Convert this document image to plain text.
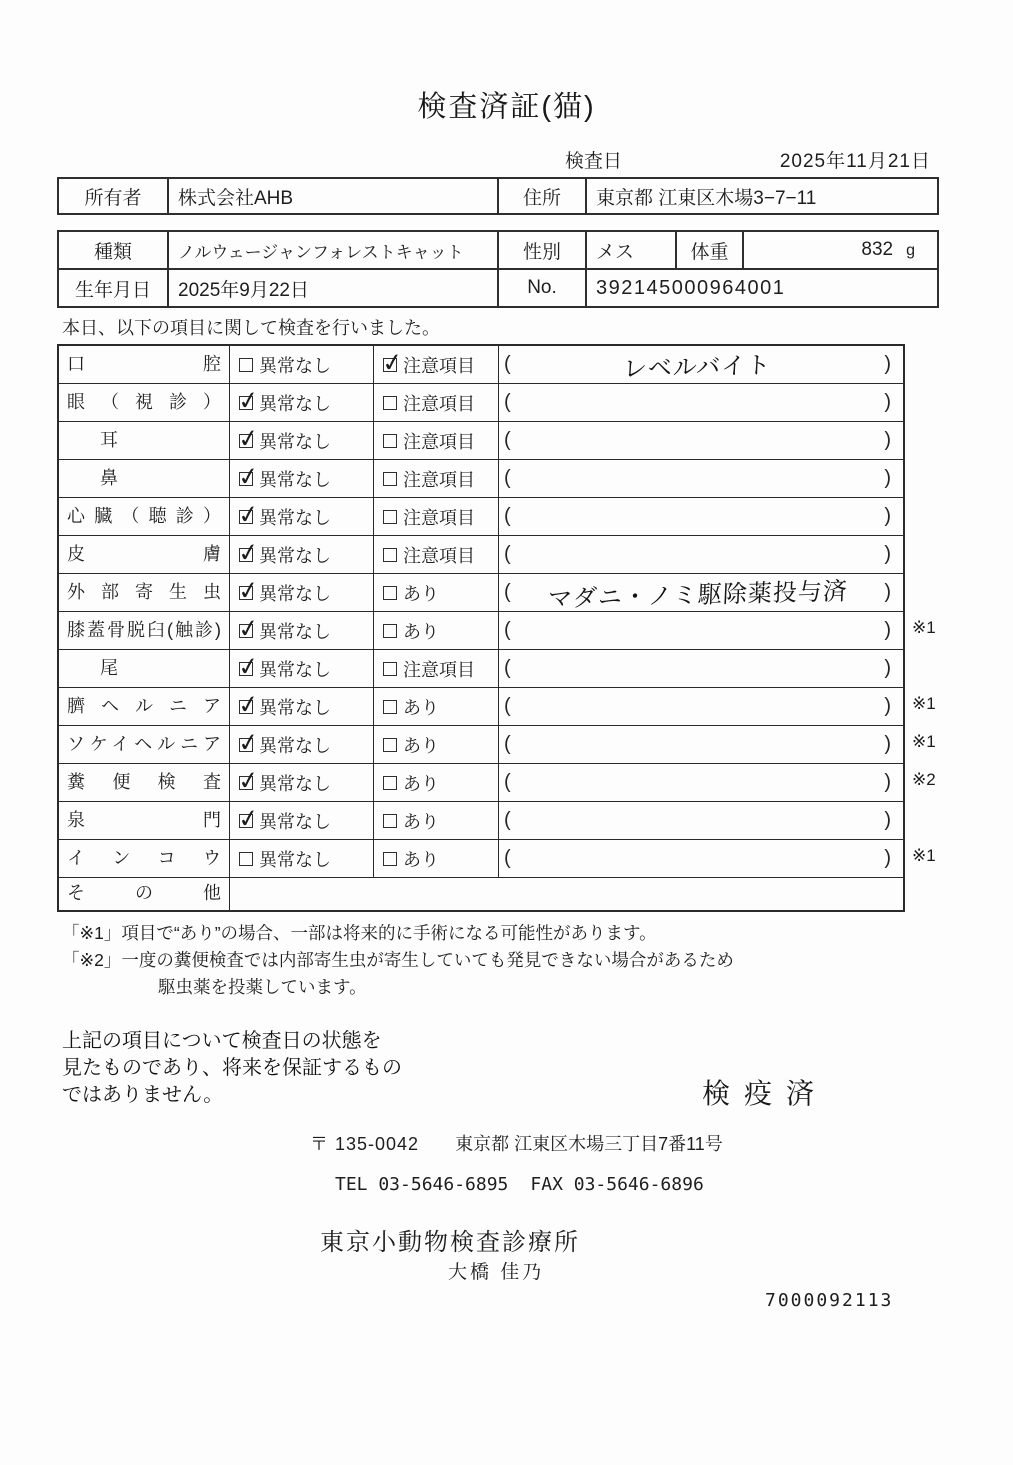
検査済証(猫)
検査日	2025年11月21日
所有者	株式会社AHB	住所	東京都 江東区木場3−7−11
種類	ノルウェージャンフォレストキャット	性別	メス	体重	832 g
生年月日	2025年9月22日	No.	392145000964001		
本日、以下の項目に関して検査を行いました。
口腔	異常なし ✓	注意項目 (	レベルバイト	)
眼（視診） ✓	異常なし	注意項目 (	)
耳 ✓	異常なし	注意項目 (	)
鼻 ✓	異常なし	注意項目 (	)
心臓（聴診） ✓	異常なし	注意項目 (	)
皮膚 ✓	異常なし	注意項目 (	)
外部寄生虫 ✓	異常なし	あり	(	マダニ・ノミ駆除薬投与済	)
膝蓋骨脱臼(触診) ✓	異常なし	あり	(	) ※1
尾 ✓	異常なし	注意項目 (	)
臍ヘルニア ✓	異常なし	あり	(	) ※1
ソケイヘルニア ✓	異常なし	あり	(	) ※1
糞便検査 ✓	異常なし	あり	(	) ※2
泉門 ✓	異常なし	あり	(	)
インコウ	異常なし	あり	(	) ※1
その他
「※1」項目で“あり”の場合、一部は将来的に手術になる可能性があります。
「※2」一度の糞便検査では内部寄生虫が寄生していても発見できない場合があるため
駆虫薬を投薬しています。
上記の項目について検査日の状態を
見たものであり、将来を保証するもの
ではありません。	検疫済
〒 135-0042 東京都 江東区木場三丁目7番11号
TEL 03-5646-6895 FAX 03-5646-6896
東京小動物検査診療所
大橋 佳乃
7000092113
